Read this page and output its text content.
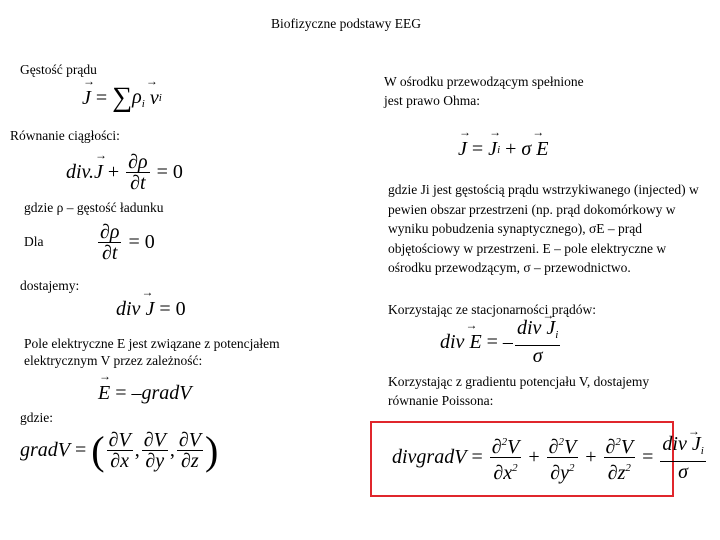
Biofizyczne podstawy EEG
Gęstość prądu
→ J = ∑ $\rho_i$
→ v i
Równanie ciągłości:
div.
→ $J + \frac{\partial\rho}{\partial t} = 0$
gdzie ρ – gęstość ładunku
Dla	$\frac{\partial\rho}{\partial t} = 0$
dostajemy:
div
→ J = 0
Pole elektryczne E jest związane z potencjałem
elektrycznym V przez zależność:
→ E = – gradV
gdzie:
gradV = ( $\frac{\partial V}{\partial x}$ , $\frac{\partial V}{\partial y}$ , $\frac{\partial V}{\partial z}$ )
W ośrodku przewodzącym spełnione jest prawo Ohma:
→ J =
→ J i + σ
→ E
gdzie Ji jest gęstością prądu wstrzykiwanego (injected) w pewien obszar przestrzeni (np. prąd dokomórkowy w wyniku pobudzenia synaptycznego), σE – prąd objętościowy w przestrzeni. E – pole elektryczne w ośrodku przewodzącym, σ – przewodnictwo.
Korzystając ze stacjonarności prądów:
div
→ E = – $\frac{div\to J_i}{\sigma}$
Korzystając z gradientu potencjału V, dostajemy równanie Poissona:
divgradV = $\frac{\partial^2V}{\partial x^2} + \frac{\partial^2V}{\partial y^2} + \frac{\partial^2V}{\partial z^2} = \frac{div\to J_i}{\sigma}$
